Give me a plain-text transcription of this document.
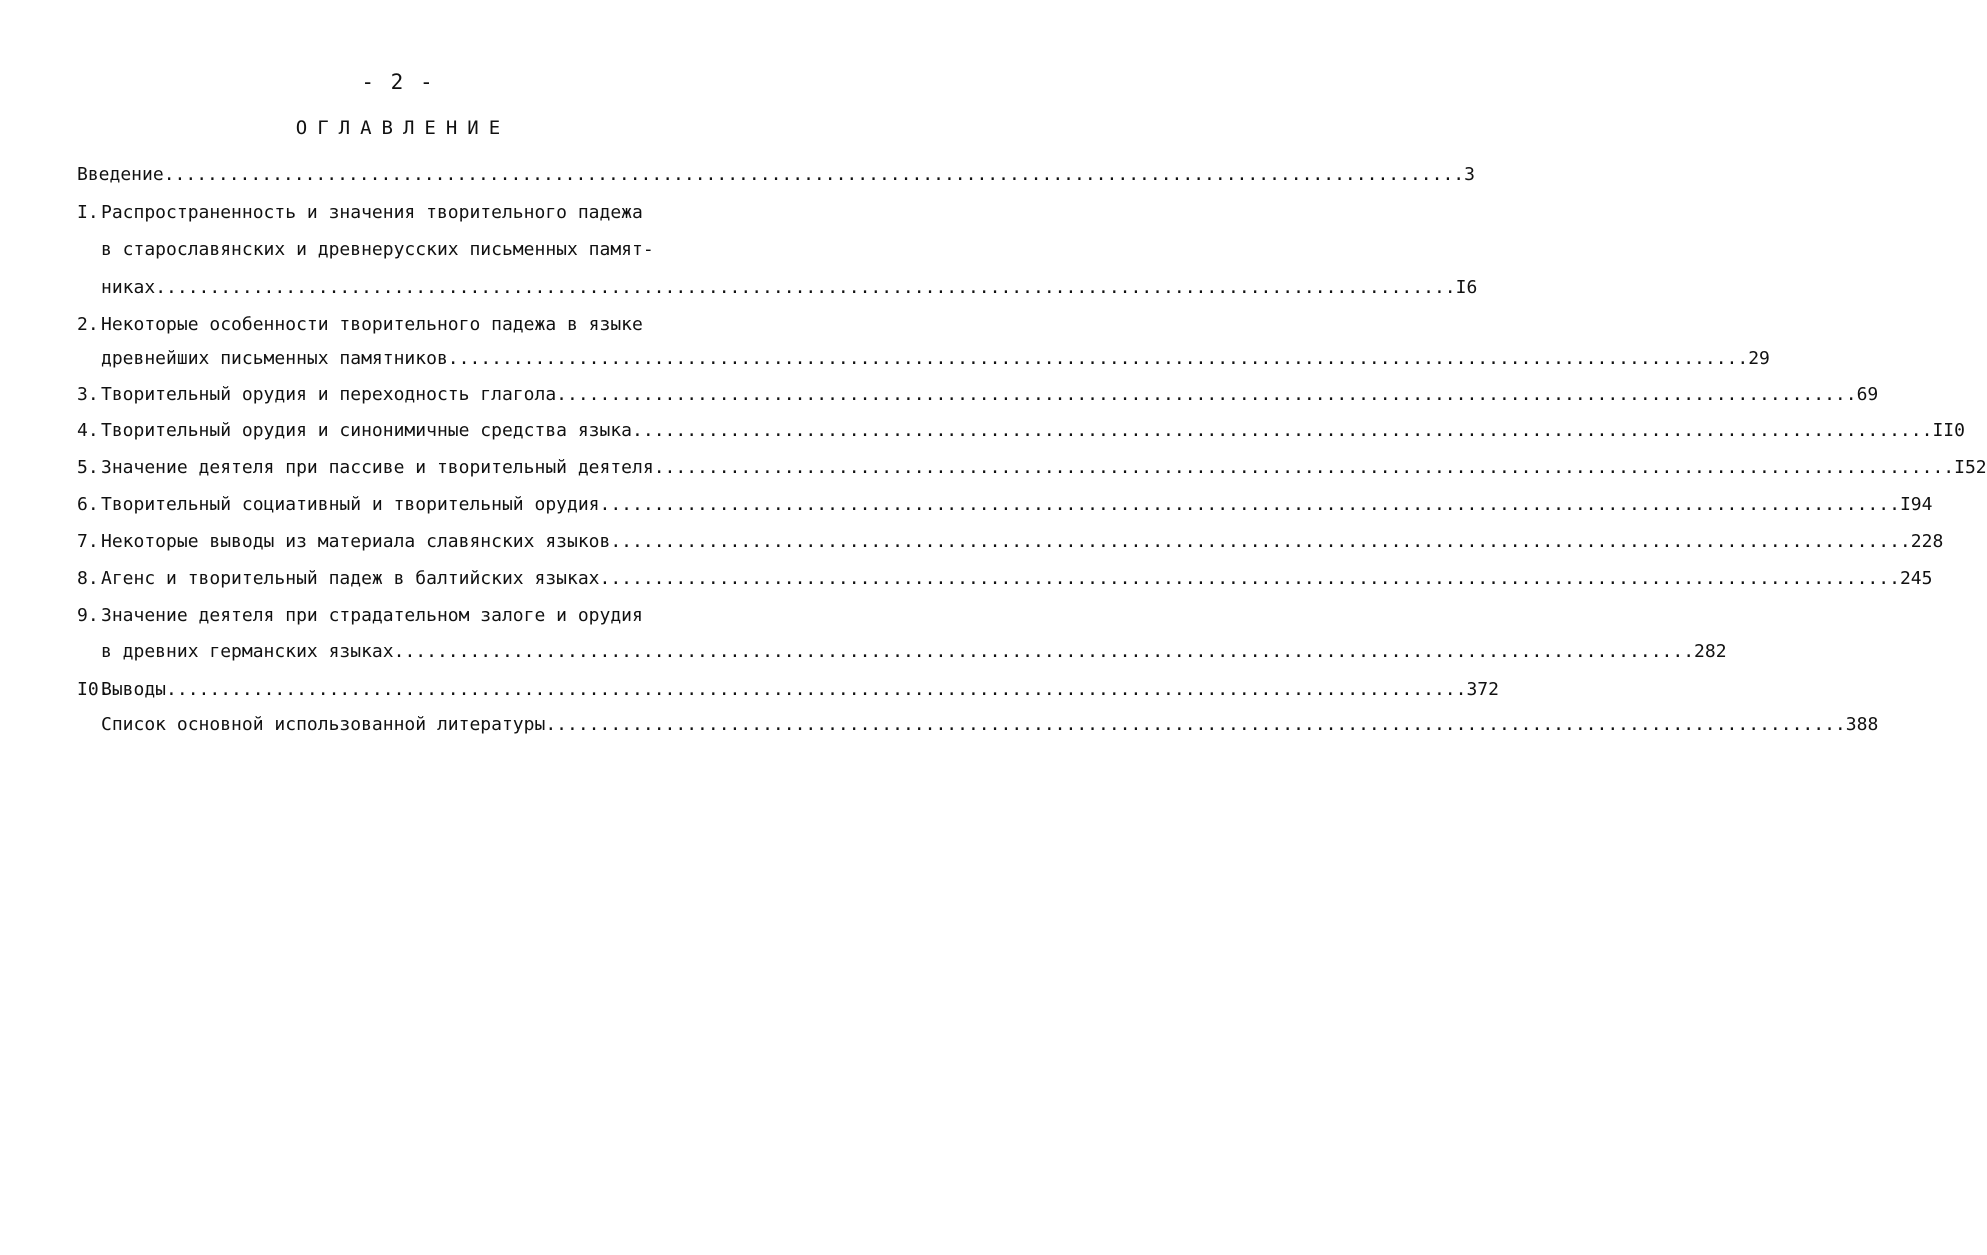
- 2 -
ОГЛАВЛЕНИЕ
Введение ........................................................................................................................ 3
I. Распространенность и значения творительного падежа
в старославянских и древнерусских письменных памят-
никах ........................................................................................................................ I6
2. Некоторые особенности творительного падежа в языке
древнейших письменных памятников ........................................................................................................................ 29
3. Творительный орудия и переходность глагола ........................................................................................................................ 69
4. Творительный орудия и синонимичные средства языка ........................................................................................................................ II0
5. Значение деятеля при пассиве и творительный деятеля ........................................................................................................................ I52
6. Творительный социативный и творительный орудия ........................................................................................................................ I94
7. Некоторые выводы из материала славянских языков ........................................................................................................................ 228
8. Агенс и творительный падеж в балтийских языках ........................................................................................................................ 245
9. Значение деятеля при страдательном залоге и орудия
в древних германских языках ........................................................................................................................ 282
I0.
Выводы ........................................................................................................................ 372
Список основной использованной литературы ........................................................................................................................ 388
